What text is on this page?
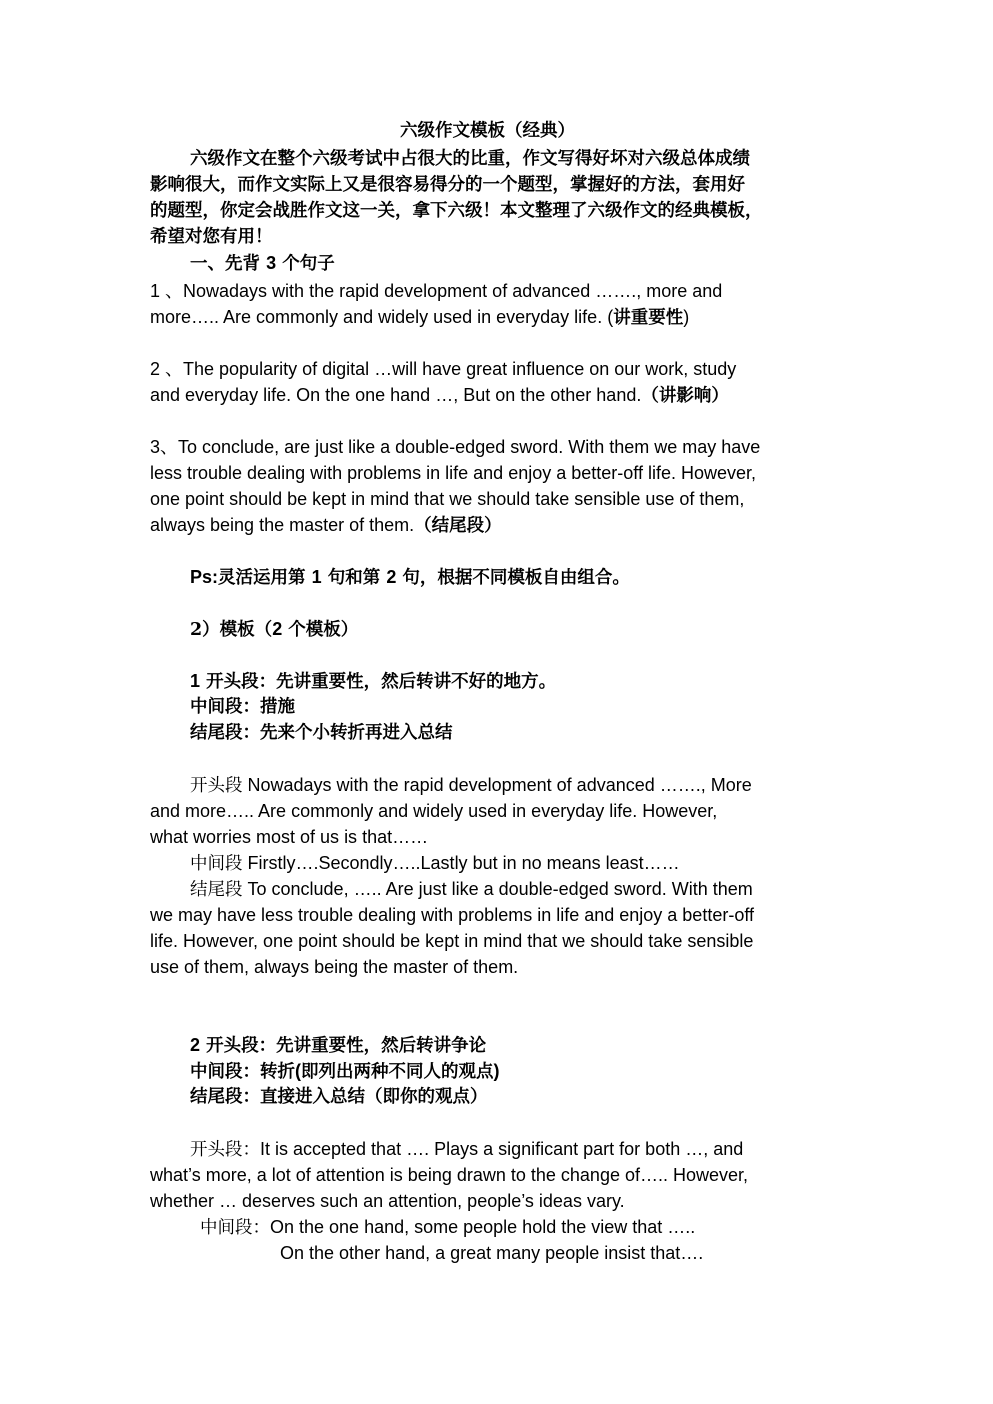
六级作文模板（经典）
六级作文在整个六级考试中占很大的比重，作文写得好坏对六级总体成绩
影响很大，而作文实际上又是很容易得分的一个题型，掌握好的方法，套用好
的题型，你定会战胜作文这一关，拿下六级！本文整理了六级作文的经典模板，
希望对您有用！
一、先背 3 个句子
1 、Nowadays with the rapid development of advanced ……., more and
more….. Are commonly and widely used in everyday life. (讲重要性)
2 、The popularity of digital …will have great influence on our work, study
and everyday life. On the one hand …, But on the other hand.（讲影响）
3、To conclude, are just like a double-edged sword. With them we may have
less trouble dealing with problems in life and enjoy a better-off life. However,
one point should be kept in mind that we should take sensible use of them,
always being the master of them.（结尾段）
Ps:灵活运用第 1 句和第 2 句，根据不同模板自由组合。
2）模板（2 个模板）
1 开头段：先讲重要性，然后转讲不好的地方。
中间段：措施
结尾段：先来个小转折再进入总结
开头段 Nowadays with the rapid development of advanced ……., More
and more….. Are commonly and widely used in everyday life. However,
what worries most of us is that……
中间段 Firstly….Secondly…..Lastly but in no means least……
结尾段 To conclude, ….. Are just like a double-edged sword. With them
we may have less trouble dealing with problems in life and enjoy a better-off
life. However, one point should be kept in mind that we should take sensible
use of them, always being the master of them.
2 开头段：先讲重要性，然后转讲争论
中间段：转折(即列出两种不同人的观点)
结尾段：直接进入总结（即你的观点）
开头段：It is accepted that …. Plays a significant part for both …, and
what’s more, a lot of attention is being drawn to the change of….. However,
whether … deserves such an attention, people’s ideas vary.
中间段：On the one hand, some people hold the view that …..
On the other hand, a great many people insist that….
